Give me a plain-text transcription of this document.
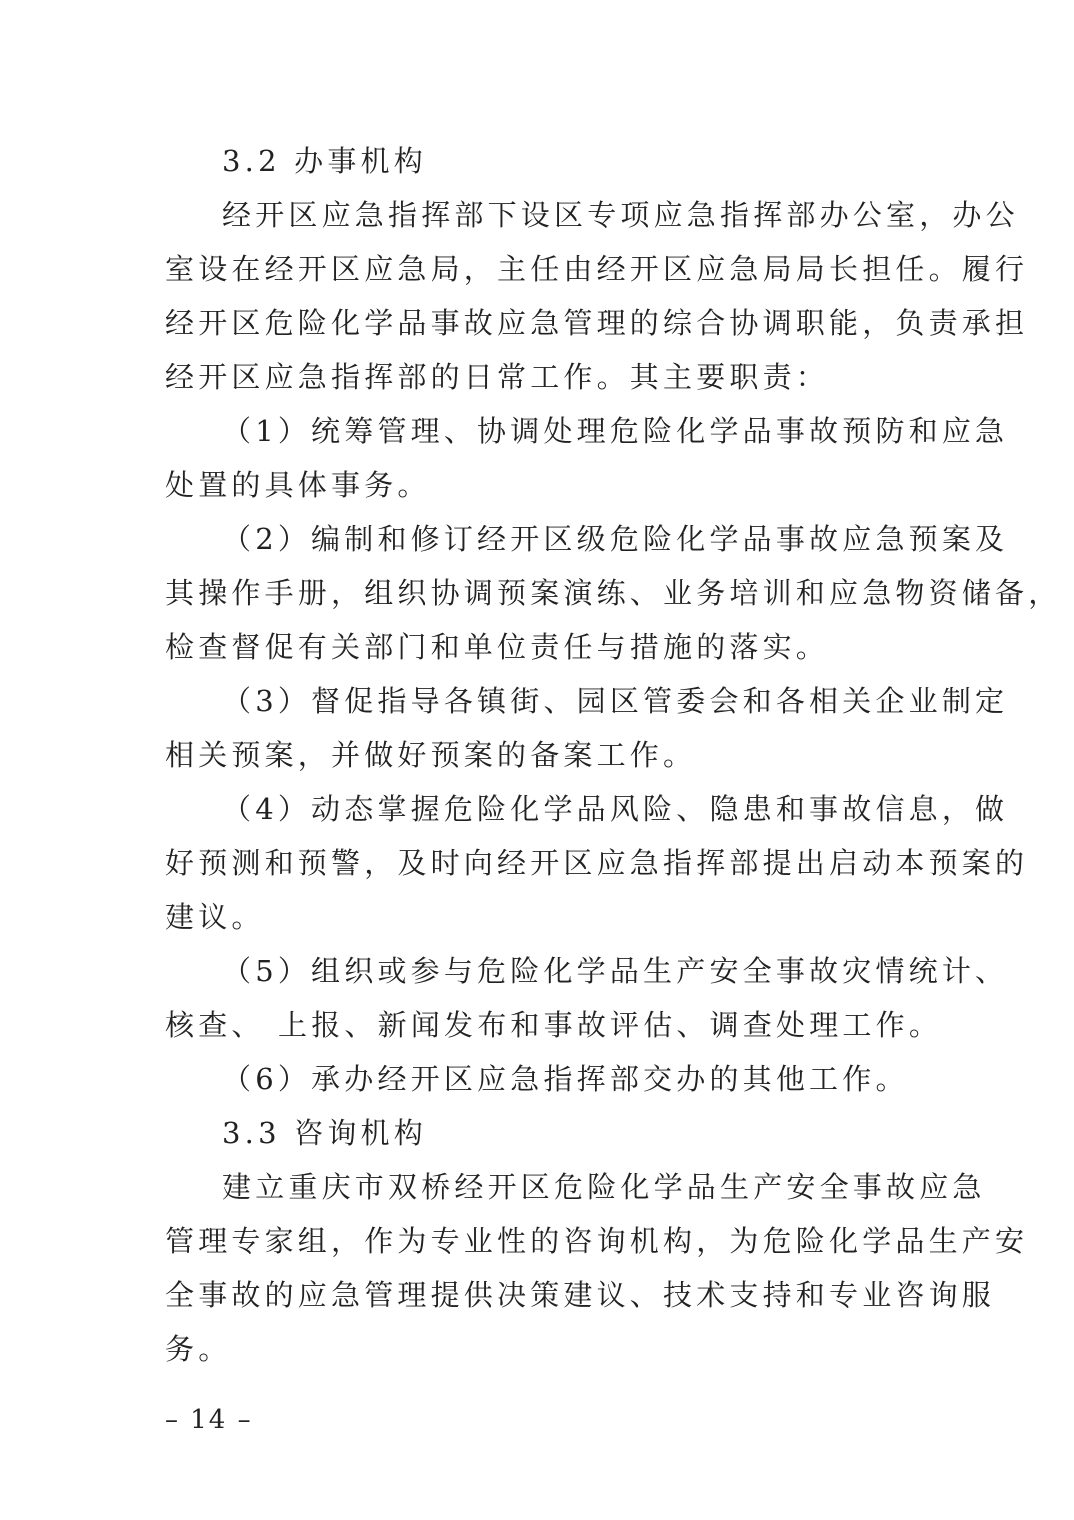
3.2 办事机构
经开区应急指挥部下设区专项应急指挥部办公室，办公
室设在经开区应急局，主任由经开区应急局局长担任。履行
经开区危险化学品事故应急管理的综合协调职能，负责承担
经开区应急指挥部的日常工作。其主要职责：
（1）统筹管理、协调处理危险化学品事故预防和应急
处置的具体事务。
（2）编制和修订经开区级危险化学品事故应急预案及
其操作手册，组织协调预案演练、业务培训和应急物资储备，
检查督促有关部门和单位责任与措施的落实。
（3）督促指导各镇街、园区管委会和各相关企业制定
相关预案，并做好预案的备案工作。
（4）动态掌握危险化学品风险、隐患和事故信息，做
好预测和预警，及时向经开区应急指挥部提出启动本预案的
建议。
（5）组织或参与危险化学品生产安全事故灾情统计、
核查、 上报、新闻发布和事故评估、调查处理工作。
（6）承办经开区应急指挥部交办的其他工作。
3.3 咨询机构
建立重庆市双桥经开区危险化学品生产安全事故应急
管理专家组，作为专业性的咨询机构，为危险化学品生产安
全事故的应急管理提供决策建议、技术支持和专业咨询服
务。
– 14 –
